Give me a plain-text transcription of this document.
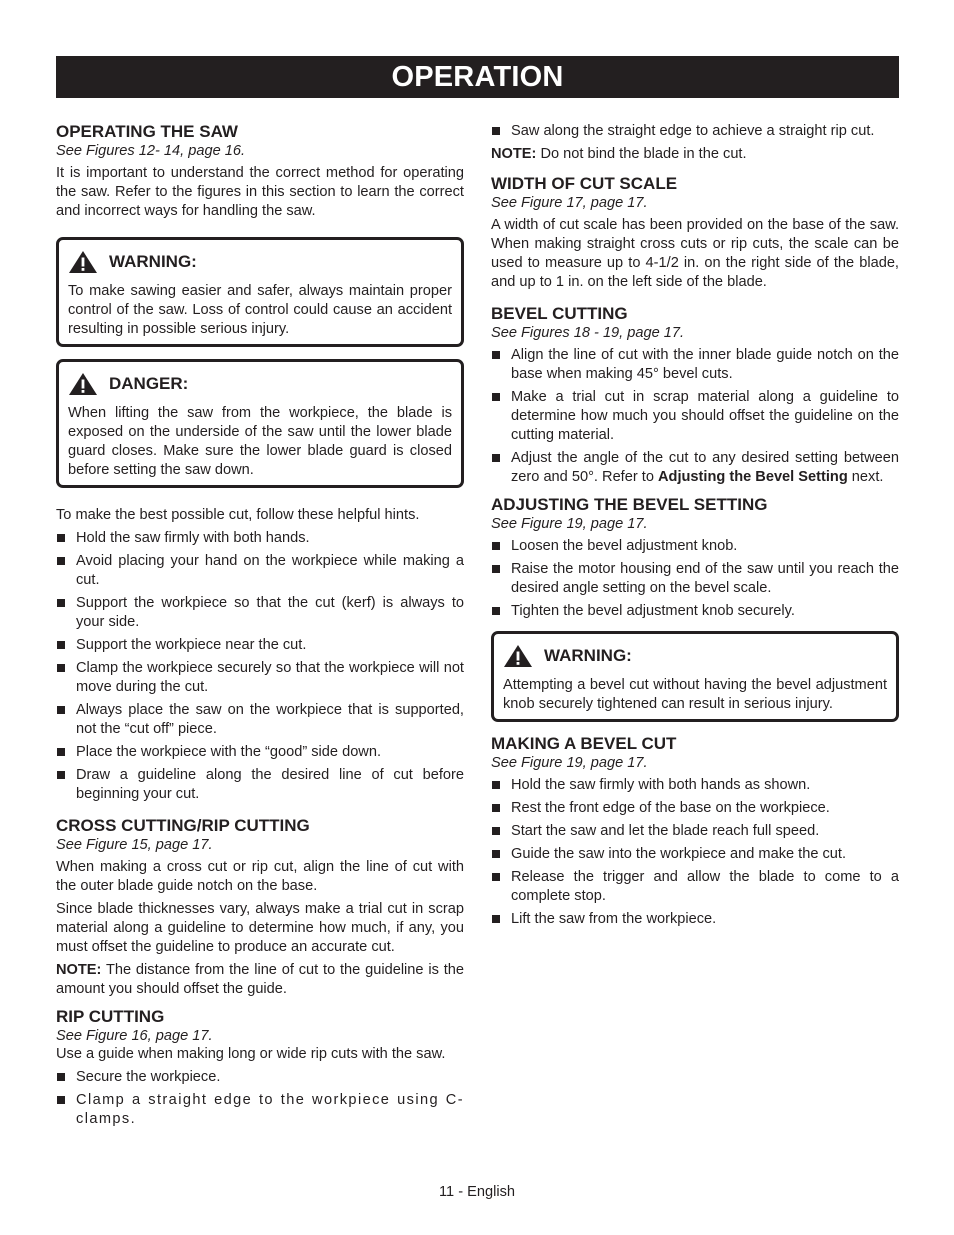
OPERATION
OPERATING THE SAW
See Figures 12- 14, page 16.

It is important to understand the correct method for operating the saw. Refer to the figures in this section to learn the correct and incorrect ways for handling the saw.

WARNING:

To make sawing easier and safer, always maintain proper control of the saw. Loss of control could cause an accident resulting in possible serious injury.

DANGER:

When lifting the saw from the workpiece, the blade is exposed on the underside of the saw until the lower blade guard closes. Make sure the lower blade guard is closed before setting the saw down.

To make the best possible cut, follow these helpful hints.

Hold the saw firmly with both hands.
Avoid placing your hand on the workpiece while making a cut.
Support the workpiece so that the cut (kerf) is always to your side.
Support the workpiece near the cut.
Clamp the workpiece securely so that the workpiece will not move during the cut.
Always place the saw on the workpiece that is supported, not the “cut off” piece.
Place the workpiece with the “good” side down.
Draw a guideline along the desired line of cut before beginning your cut.
CROSS CUTTING/RIP CUTTING
See Figure 15, page 17.

When making a cross cut or rip cut, align the line of cut with the outer blade guide notch on the base.

Since blade thicknesses vary, always make a trial cut in scrap material along a guideline to determine how much, if any, you must offset the guideline to produce an accurate cut.

NOTE: The distance from the line of cut to the guideline is the amount you should offset the guide.

RIP CUTTING
See Figure 16, page 17.

Use a guide when making long or wide rip cuts with the saw.

Secure the workpiece.
Clamp a straight edge to the workpiece using C-clamps.
Saw along the straight edge to achieve a straight rip cut.

NOTE: Do not bind the blade in the cut.

WIDTH OF CUT SCALE
See Figure 17, page 17.

A width of cut scale has been provided on the base of the saw. When making straight cross cuts or rip cuts, the scale can be used to measure up to 4-1/2 in. on the right side of the blade, and up to 1 in. on the left side of the blade.

BEVEL CUTTING
See Figures 18 - 19, page 17.
Align the line of cut with the inner blade guide notch on the base when making 45° bevel cuts.
Make a trial cut in scrap material along a guideline to determine how much you should offset the guideline on the cutting material.
Adjust the angle of the cut to any desired setting between zero and 50°. Refer to Adjusting the Bevel Setting next.
ADJUSTING THE BEVEL SETTING
See Figure 19, page 17.
Loosen the bevel adjustment knob.
Raise the motor housing end of the saw until you reach the desired angle setting on the bevel scale.
Tighten the bevel adjustment knob securely.
WARNING:

Attempting a bevel cut without having the bevel adjustment knob securely tightened can result in serious injury.

MAKING A BEVEL CUT
See Figure 19, page 17.
Hold the saw firmly with both hands as shown.
Rest the front edge of the base on the workpiece.
Start the saw and let the blade reach full speed.
Guide the saw into the workpiece and make the cut.
Release the trigger and allow the blade to come to a complete stop.
Lift the saw from the workpiece.
11 - English
